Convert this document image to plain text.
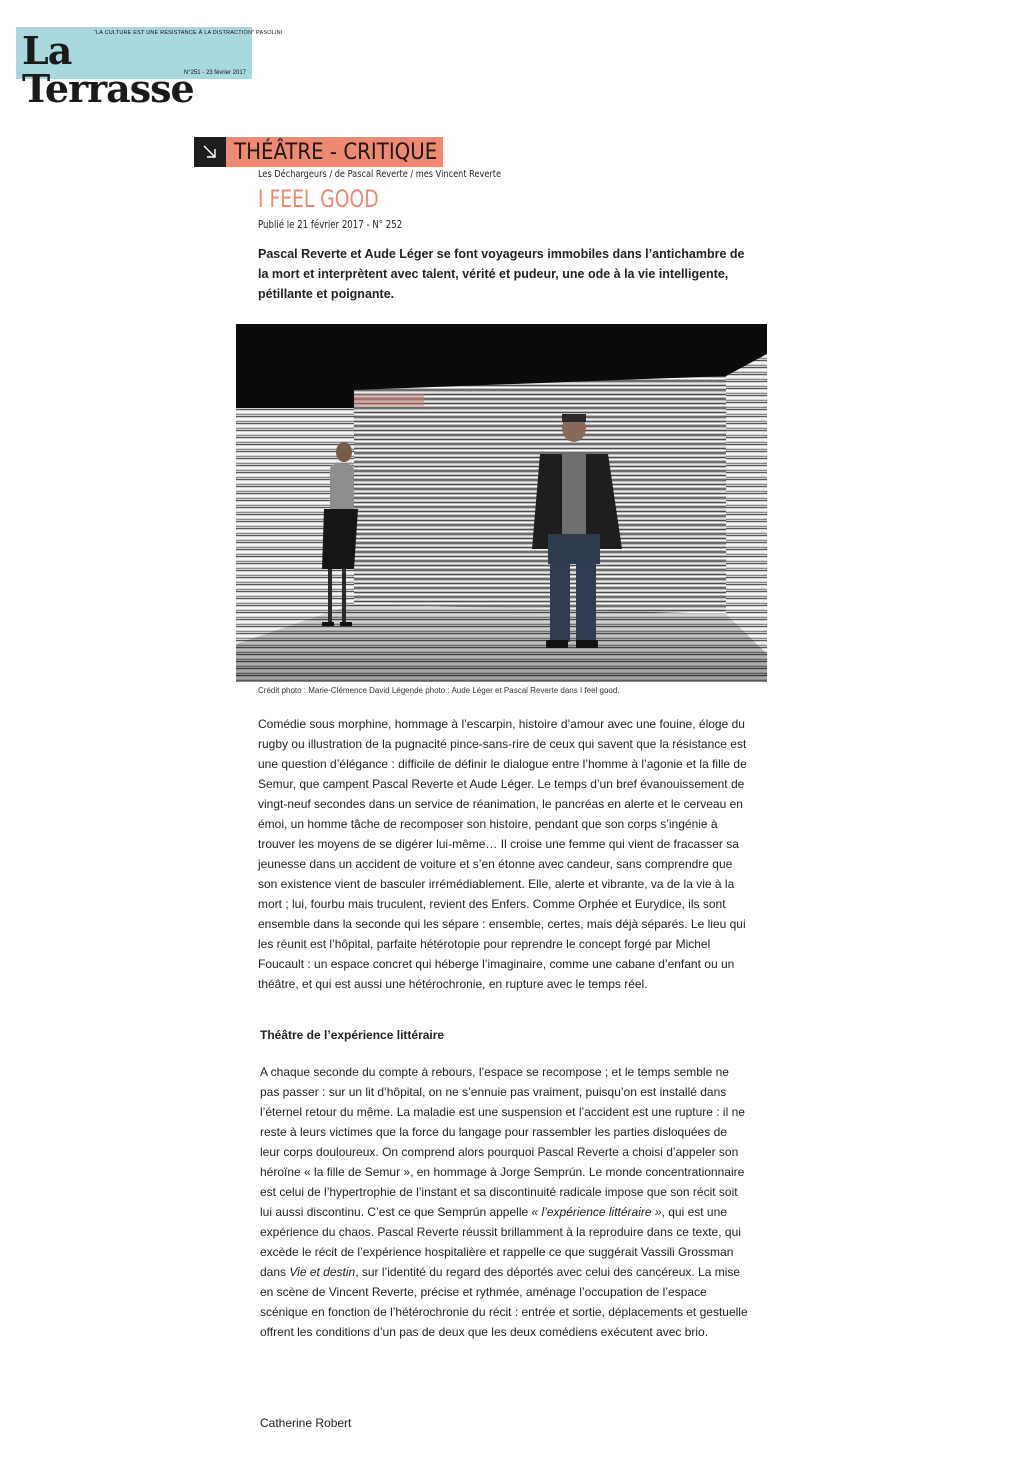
“LA CULTURE EST UNE RÉSISTANCE À LA DISTRACTION” PASOLINI
La Terrasse
N°251 - 23 février 2017
THÉÂTRE - CRITIQUE
Les Déchargeurs / de Pascal Reverte / mes Vincent Reverte
I FEEL GOOD
Publié le 21 février 2017 - N° 252
Pascal Reverte et Aude Léger se font voyageurs immobiles dans l’antichambre de la mort et interprètent avec talent, vérité et pudeur, une ode à la vie intelligente, pétillante et poignante.
Crédit photo : Marie-Clémence David Légende photo : Aude Léger et Pascal Reverte dans I feel good.

Comédie sous morphine, hommage à l’escarpin, histoire d’amour avec une fouine, éloge du rugby ou illustration de la pugnacité pince-sans-rire de ceux qui savent que la résistance est une question d’élégance : difficile de définir le dialogue entre l’homme à l’agonie et la fille de Semur, que campent Pascal Reverte et Aude Léger. Le temps d’un bref évanouissement de vingt-neuf secondes dans un service de réanimation, le pancréas en alerte et le cerveau en émoi, un homme tâche de recomposer son histoire, pendant que son corps s’ingénie à trouver les moyens de se digérer lui-même… Il croise une femme qui vient de fracasser sa jeunesse dans un accident de voiture et s’en étonne avec candeur, sans comprendre que son existence vient de basculer irrémédiablement. Elle, alerte et vibrante, va de la vie à la mort ; lui, fourbu mais truculent, revient des Enfers. Comme Orphée et Eurydice, ils sont ensemble dans la seconde qui les sépare : ensemble, certes, mais déjà séparés. Le lieu qui les réunit est l’hôpital, parfaite hétérotopie pour reprendre le concept forgé par Michel Foucault : un espace concret qui héberge l’imaginaire, comme une cabane d’enfant ou un théâtre, et qui est aussi une hétérochronie, en rupture avec le temps réel.

Théâtre de l’expérience littéraire

A chaque seconde du compte à rebours, l’espace se recompose ; et le temps semble ne pas passer : sur un lit d’hôpital, on ne s’ennuie pas vraiment, puisqu’on est installé dans l’éternel retour du même. La maladie est une suspension et l’accident est une rupture : il ne reste à leurs victimes que la force du langage pour rassembler les parties disloquées de leur corps douloureux. On comprend alors pourquoi Pascal Reverte a choisi d’appeler son héroïne « la fille de Semur », en hommage à Jorge Semprún. Le monde concentrationnaire est celui de l’hypertrophie de l’instant et sa discontinuité radicale impose que son récit soit lui aussi discontinu. C’est ce que Semprún appelle « l’expérience littéraire », qui est une expérience du chaos. Pascal Reverte réussit brillamment à la reproduire dans ce texte, qui excède le récit de l’expérience hospitalière et rappelle ce que suggérait Vassili Grossman dans Vie et destin, sur l’identité du regard des déportés avec celui des cancéreux. La mise en scène de Vincent Reverte, précise et rythmée, aménage l’occupation de l’espace scénique en fonction de l’hétérochronie du récit : entrée et sortie, déplacements et gestuelle offrent les conditions d’un pas de deux que les deux comédiens exécutent avec brio.

Catherine Robert
